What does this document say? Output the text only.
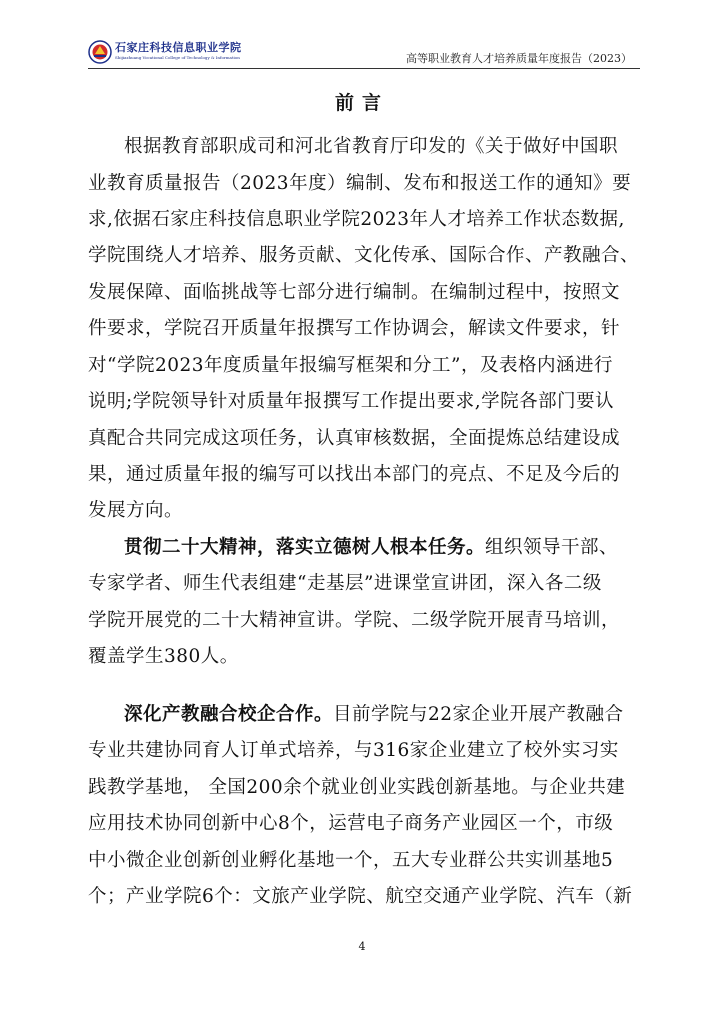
石家庄科技信息职业学院
Shijiazhuang Vocational College of Technology & Information	高等职业教育人才培养质量年度报告（2023）
前言
根据教育部职成司和河北省教育厅印发的《关于做好中国职
业教育质量报告（2023年度）编制、发布和报送工作的通知》要
求,依据石家庄科技信息职业学院2023年人才培养工作状态数据,
学院围绕人才培养、服务贡献、文化传承、国际合作、产教融合、
发展保障、面临挑战等七部分进行编制。在编制过程中，按照文
件要求，学院召开质量年报撰写工作协调会，解读文件要求，针
对“学院2023年度质量年报编写框架和分工”，及表格内涵进行
说明;学院领导针对质量年报撰写工作提出要求,学院各部门要认
真配合共同完成这项任务，认真审核数据，全面提炼总结建设成
果，通过质量年报的编写可以找出本部门的亮点、不足及今后的
发展方向。
贯彻二十大精神，落实立德树人根本任务。组织领导干部、
专家学者、师生代表组建“走基层”进课堂宣讲团，深入各二级
学院开展党的二十大精神宣讲。学院、二级学院开展青马培训，
覆盖学生380人。
深化产教融合校企合作。目前学院与22家企业开展产教融合
专业共建协同育人订单式培养，与316家企业建立了校外实习实
践教学基地， 全国200余个就业创业实践创新基地。与企业共建
应用技术协同创新中心8个，运营电子商务产业园区一个，市级
中小微企业创新创业孵化基地一个，五大专业群公共实训基地5
个；产业学院6个：文旅产业学院、航空交通产业学院、汽车（新
4
